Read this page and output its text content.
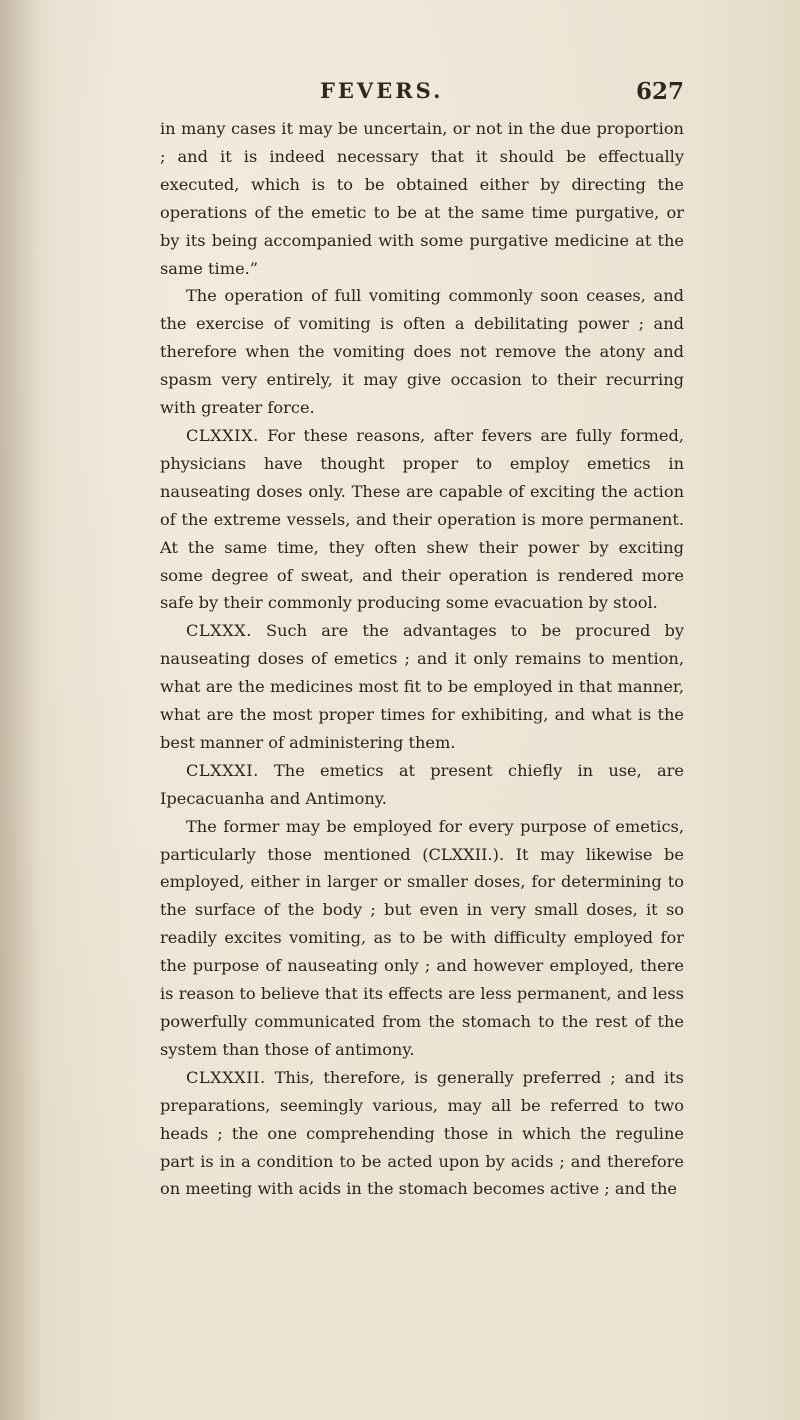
FEVERS.	627

in many cases it may be uncertain, or not in the due proportion ; and it is indeed necessary that it should be effectually executed, which is to be obtained either by directing the operations of the emetic to be at the same time purgative, or by its being accompanied with some purgative medicine at the same time.”

The operation of full vomiting commonly soon ceases, and the exercise of vomiting is often a debilitating power ; and therefore when the vomiting does not remove the atony and spasm very entirely, it may give occasion to their recurring with greater force.

CLXXIX. For these reasons, after fevers are fully formed, physicians have thought proper to employ emetics in nauseating doses only. These are capable of exciting the action of the extreme vessels, and their operation is more permanent. At the same time, they often shew their power by exciting some degree of sweat, and their operation is rendered more safe by their commonly producing some evacuation by stool.

CLXXX. Such are the advantages to be procured by nauseating doses of emetics ; and it only remains to mention, what are the medicines most fit to be employed in that manner, what are the most proper times for exhibiting, and what is the best manner of administering them.

CLXXXI. The emetics at present chiefly in use, are Ipecacuanha and Antimony.

The former may be employed for every purpose of emetics, particularly those mentioned (CLXXII.). It may likewise be employed, either in larger or smaller doses, for determining to the surface of the body ; but even in very small doses, it so readily excites vomiting, as to be with difficulty employed for the purpose of nauseating only ; and however employed, there is reason to believe that its effects are less permanent, and less powerfully communicated from the stomach to the rest of the system than those of antimony.

CLXXXII. This, therefore, is generally preferred ; and its preparations, seemingly various, may all be referred to two heads ; the one comprehending those in which the reguline part is in a condition to be acted upon by acids ; and therefore on meeting with acids in the stomach becomes active ; and the
